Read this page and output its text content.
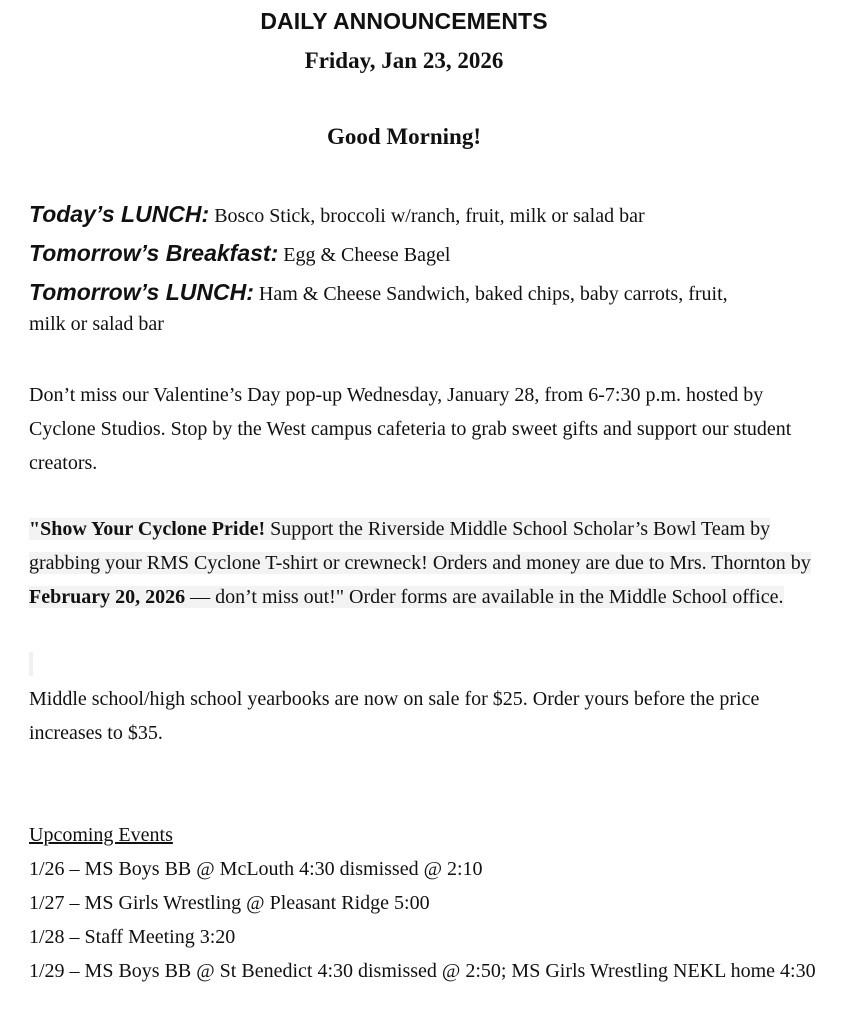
DAILY ANNOUNCEMENTS
Friday, Jan 23, 2026
Good Morning!
Today’s LUNCH: Bosco Stick, broccoli w/ranch, fruit, milk or salad bar
Tomorrow’s Breakfast: Egg & Cheese Bagel
Tomorrow’s LUNCH: Ham & Cheese Sandwich, baked chips, baby carrots, fruit,
milk or salad bar
Don’t miss our Valentine’s Day pop-up Wednesday, January 28, from 6-7:30 p.m. hosted by Cyclone Studios. Stop by the West campus cafeteria to grab sweet gifts and support our student creators.
"Show Your Cyclone Pride! Support the Riverside Middle School Scholar’s Bowl Team by grabbing your RMS Cyclone T-shirt or crewneck! Orders and money are due to Mrs. Thornton by February 20, 2026 — don’t miss out!" Order forms are available in the Middle School office.
Middle school/high school yearbooks are now on sale for $25. Order yours before the price increases to $35.
Upcoming Events
1/26 – MS Boys BB @ McLouth 4:30 dismissed @ 2:10
1/27 – MS Girls Wrestling @ Pleasant Ridge 5:00
1/28 – Staff Meeting 3:20
1/29 – MS Boys BB @ St Benedict 4:30 dismissed @ 2:50; MS Girls Wrestling NEKL home 4:30
